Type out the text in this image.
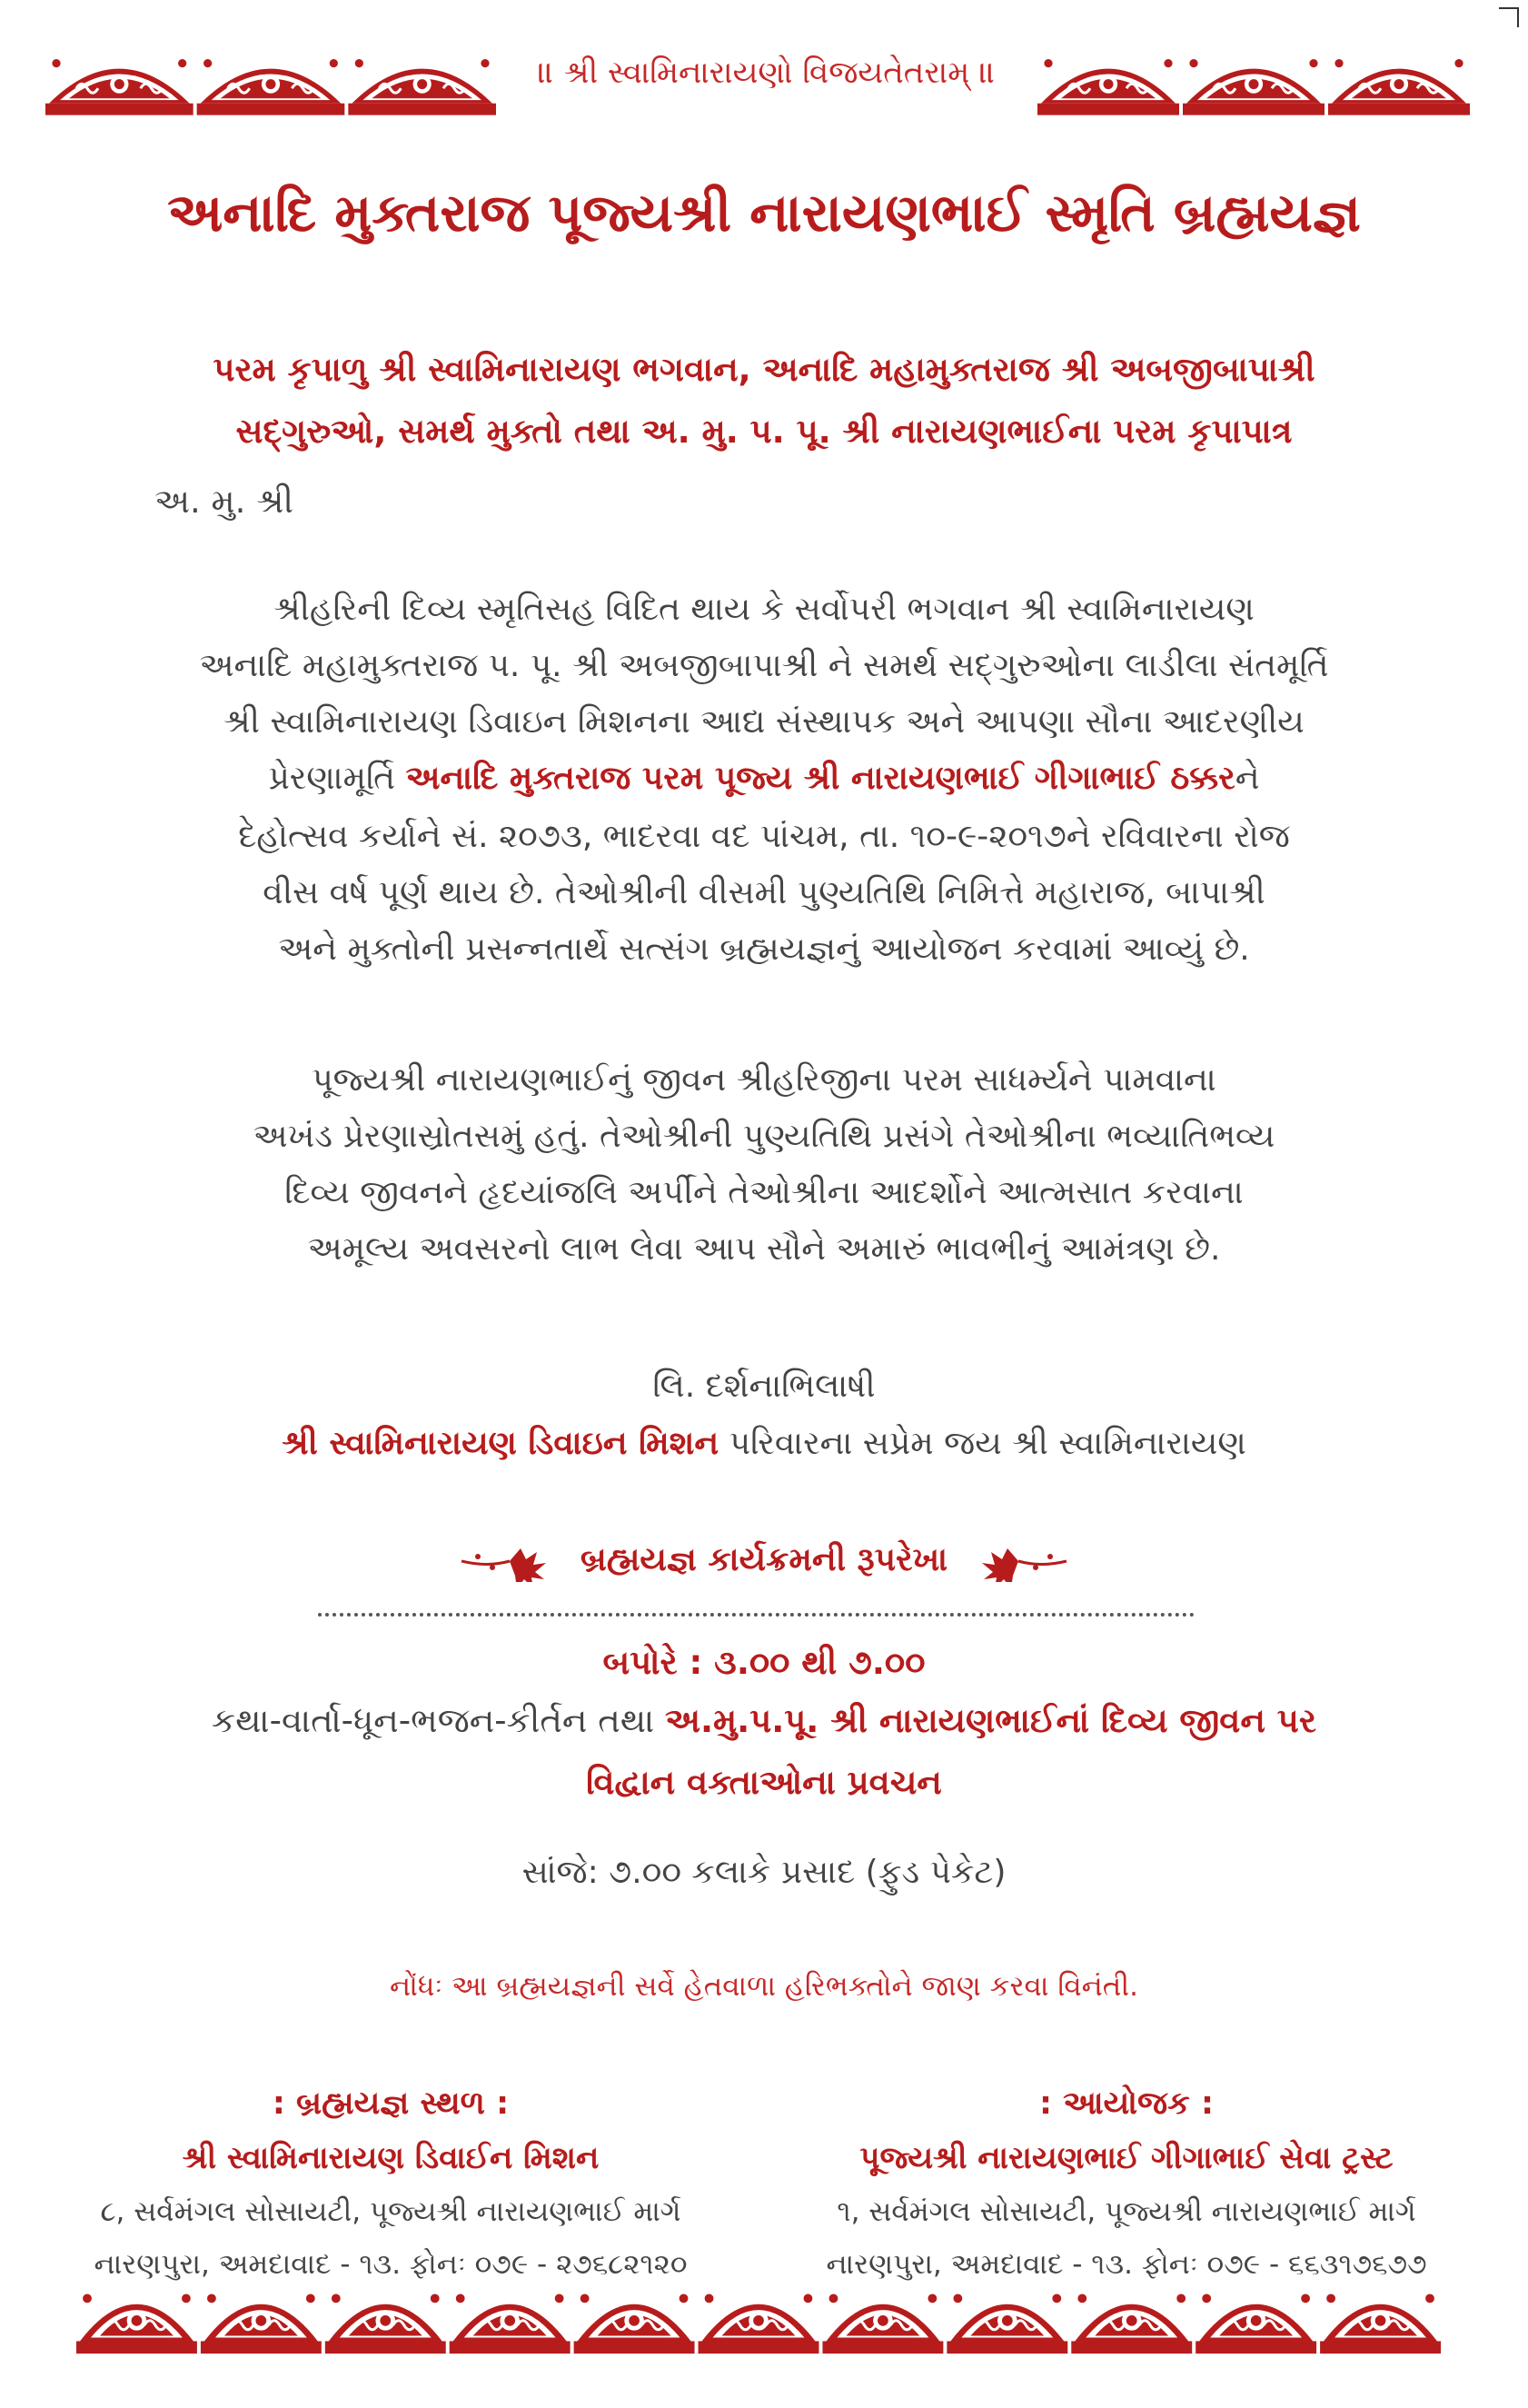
॥ શ્રી સ્વામિનારાયણો વિજયતેતરામ્ ॥
અનાદિ મુક્તરાજ પૂજ્યશ્રી નારાયણભાઈ સ્મૃતિ બ્રહ્મયજ્ઞ
પરમ કૃપાળુ શ્રી સ્વામિનારાયણ ભગવાન, અનાદિ મહામુક્તરાજ શ્રી અબજીબાપાશ્રી
સદ્‌ગુરુઓ, સમર્થ મુક્તો તથા અ. મુ. પ. પૂ. શ્રી નારાયણભાઈના પરમ કૃપાપાત્ર
અ. મુ. શ્રી
શ્રીહરિની દિવ્ય સ્મૃતિસહ વિદિત થાય કે સર્વોપરી ભગવાન શ્રી સ્વામિનારાયણ
અનાદિ મહામુક્તરાજ પ. પૂ. શ્રી અબજીબાપાશ્રી ને સમર્થ સદ્‌ગુરુઓના લાડીલા સંતમૂર્તિ
શ્રી સ્વામિનારાયણ ડિવાઇન મિશનના આદ્ય સંસ્થાપક અને આપણા સૌના આદરણીય
પ્રેરણામૂર્તિ અનાદિ મુક્તરાજ પરમ પૂજ્ય શ્રી નારાયણભાઈ ગીગાભાઈ ઠક્કરને
દેહોત્સવ કર્યાને સં. ૨૦૭૩, ભાદરવા વદ પાંચમ, તા. ૧૦-૯-૨૦૧૭ને રવિવારના રોજ
વીસ વર્ષ પૂર્ણ થાય છે. તેઓશ્રીની વીસમી પુણ્યતિથિ નિમિત્તે મહારાજ, બાપાશ્રી
અને મુક્તોની પ્રસન્નતાર્થે સત્સંગ બ્રહ્મયજ્ઞનું આયોજન કરવામાં આવ્યું છે.
પૂજ્યશ્રી નારાયણભાઈનું જીવન શ્રીહરિજીના પરમ સાધર્મ્યને પામવાના
અખંડ પ્રેરણાસ્રોતસમું હતું. તેઓશ્રીની પુણ્યતિથિ પ્રસંગે તેઓશ્રીના ભવ્યાતિભવ્ય
દિવ્ય જીવનને હૃદયાંજલિ અર્પીને તેઓશ્રીના આદર્શોને આત્મસાત કરવાના
અમૂલ્ય અવસરનો લાભ લેવા આપ સૌને અમારું ભાવભીનું આમંત્રણ છે.
લિ. દર્શનાભિલાષી
શ્રી સ્વામિનારાયણ ડિવાઇન મિશન પરિવારના સપ્રેમ જય શ્રી સ્વામિનારાયણ
બ્રહ્મયજ્ઞ કાર્યક્રમની રૂપરેખા
બપોરે : ૩.૦૦ થી ૭.૦૦
કથા-વાર્તા-ધૂન-ભજન-કીર્તન તથા અ.મુ.પ.પૂ. શ્રી નારાયણભાઈનાં દિવ્ય જીવન પર
વિદ્વાન વક્તાઓના પ્રવચન
સાંજે: ૭.૦૦ કલાકે પ્રસાદ (ફુડ પેકેટ)
નોંધઃ આ બ્રહ્મયજ્ઞની સર્વે હેતવાળા હરિભક્તોને જાણ કરવા વિનંતી.
: બ્રહ્મયજ્ઞ સ્થળ :
શ્રી સ્વામિનારાયણ ડિવાઈન મિશન
૮, સર્વમંગલ સોસાયટી, પૂજ્યશ્રી નારાયણભાઈ માર્ગ
નારણપુરા, અમદાવાદ - ૧૩. ફોનઃ ૦૭૯ - ૨૭૬૮૨૧૨૦
: આયોજક :
પૂજ્યશ્રી નારાયણભાઈ ગીગાભાઈ સેવા ટ્રસ્ટ
૧, સર્વમંગલ સોસાયટી, પૂજ્યશ્રી નારાયણભાઈ માર્ગ
નારણપુરા, અમદાવાદ - ૧૩. ફોનઃ ૦૭૯ - ૬૬૩૧૭૬૭૭
